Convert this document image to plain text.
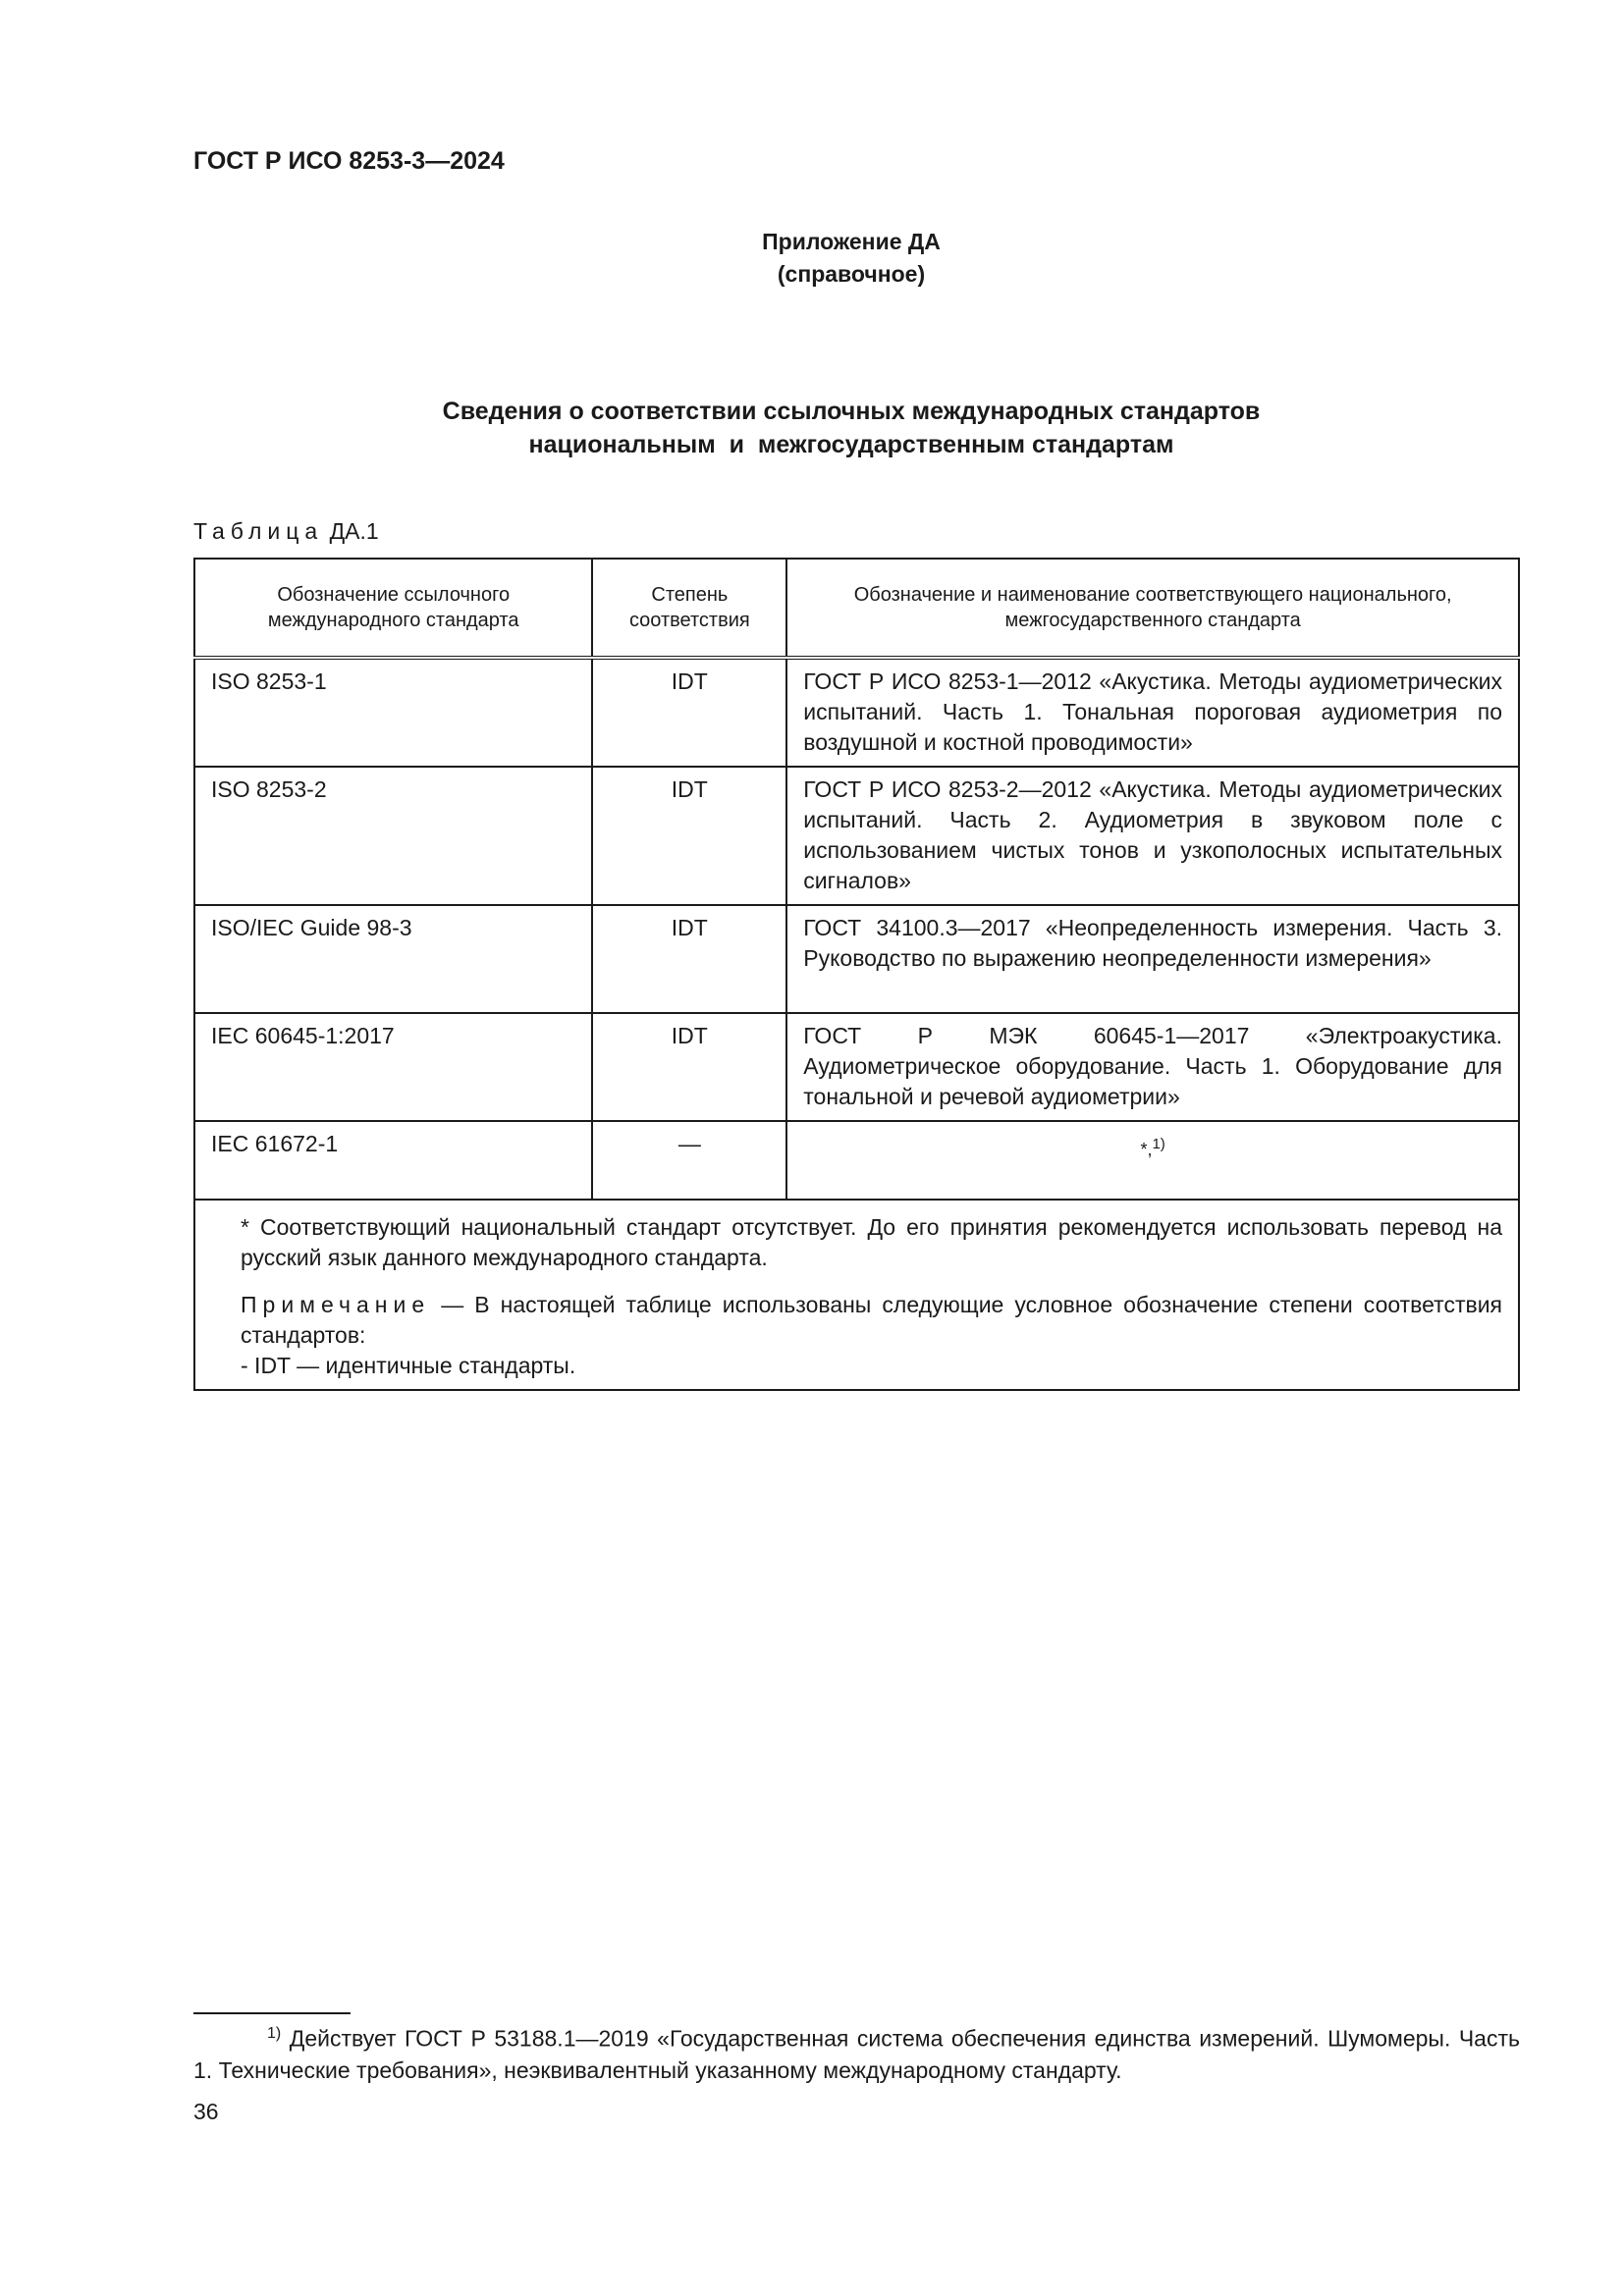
ГОСТ Р ИСО 8253-3—2024

Приложение ДА
(справочное)
Сведения о соответствии ссылочных международных стандартов
национальным  и  межгосударственным стандартам
Таблица ДА.1
Обозначение ссылочного международного стандарта	Степень соответствия	Обозначение и наименование соответствующего национального, межгосударственного стандарта
ISO 8253-1	IDT	ГОСТ Р ИСО 8253-1—2012 «Акустика. Методы аудиометрических испытаний. Часть 1. Тональная пороговая аудиометрия по воздушной и костной проводимости»
ISO 8253-2	IDT	ГОСТ Р ИСО 8253-2—2012 «Акустика. Методы аудиометрических испытаний. Часть 2. Аудиометрия в звуковом поле с использованием чистых тонов и узкополосных испытательных сигналов»
ISO/IEC Guide 98-3	IDT	ГОСТ 34100.3—2017 «Неопределенность измерения. Часть 3. Руководство по выражению неопределенности измерения»
IEC 60645-1:2017	IDT	ГОСТ Р МЭК 60645-1—2017 «Электроакустика. Аудиометрическое оборудование. Часть 1. Оборудование для тональной и речевой аудиометрии»
IEC 61672-1	—	*,$^{1)}$

* Соответствующий национальный стандарт отсутствует. До его принятия рекомендуется использовать перевод на русский язык данного международного стандарта.

Примечание — В настоящей таблице использованы следующие условное обозначение степени соответствия стандартов:

- IDT — идентичные стандарты.		

$^{1)}$ Действует ГОСТ Р 53188.1—2019 «Государственная система обеспечения единства измерений. Шумомеры. Часть 1. Технические требования», неэквивалентный указанному международному стандарту.

36
